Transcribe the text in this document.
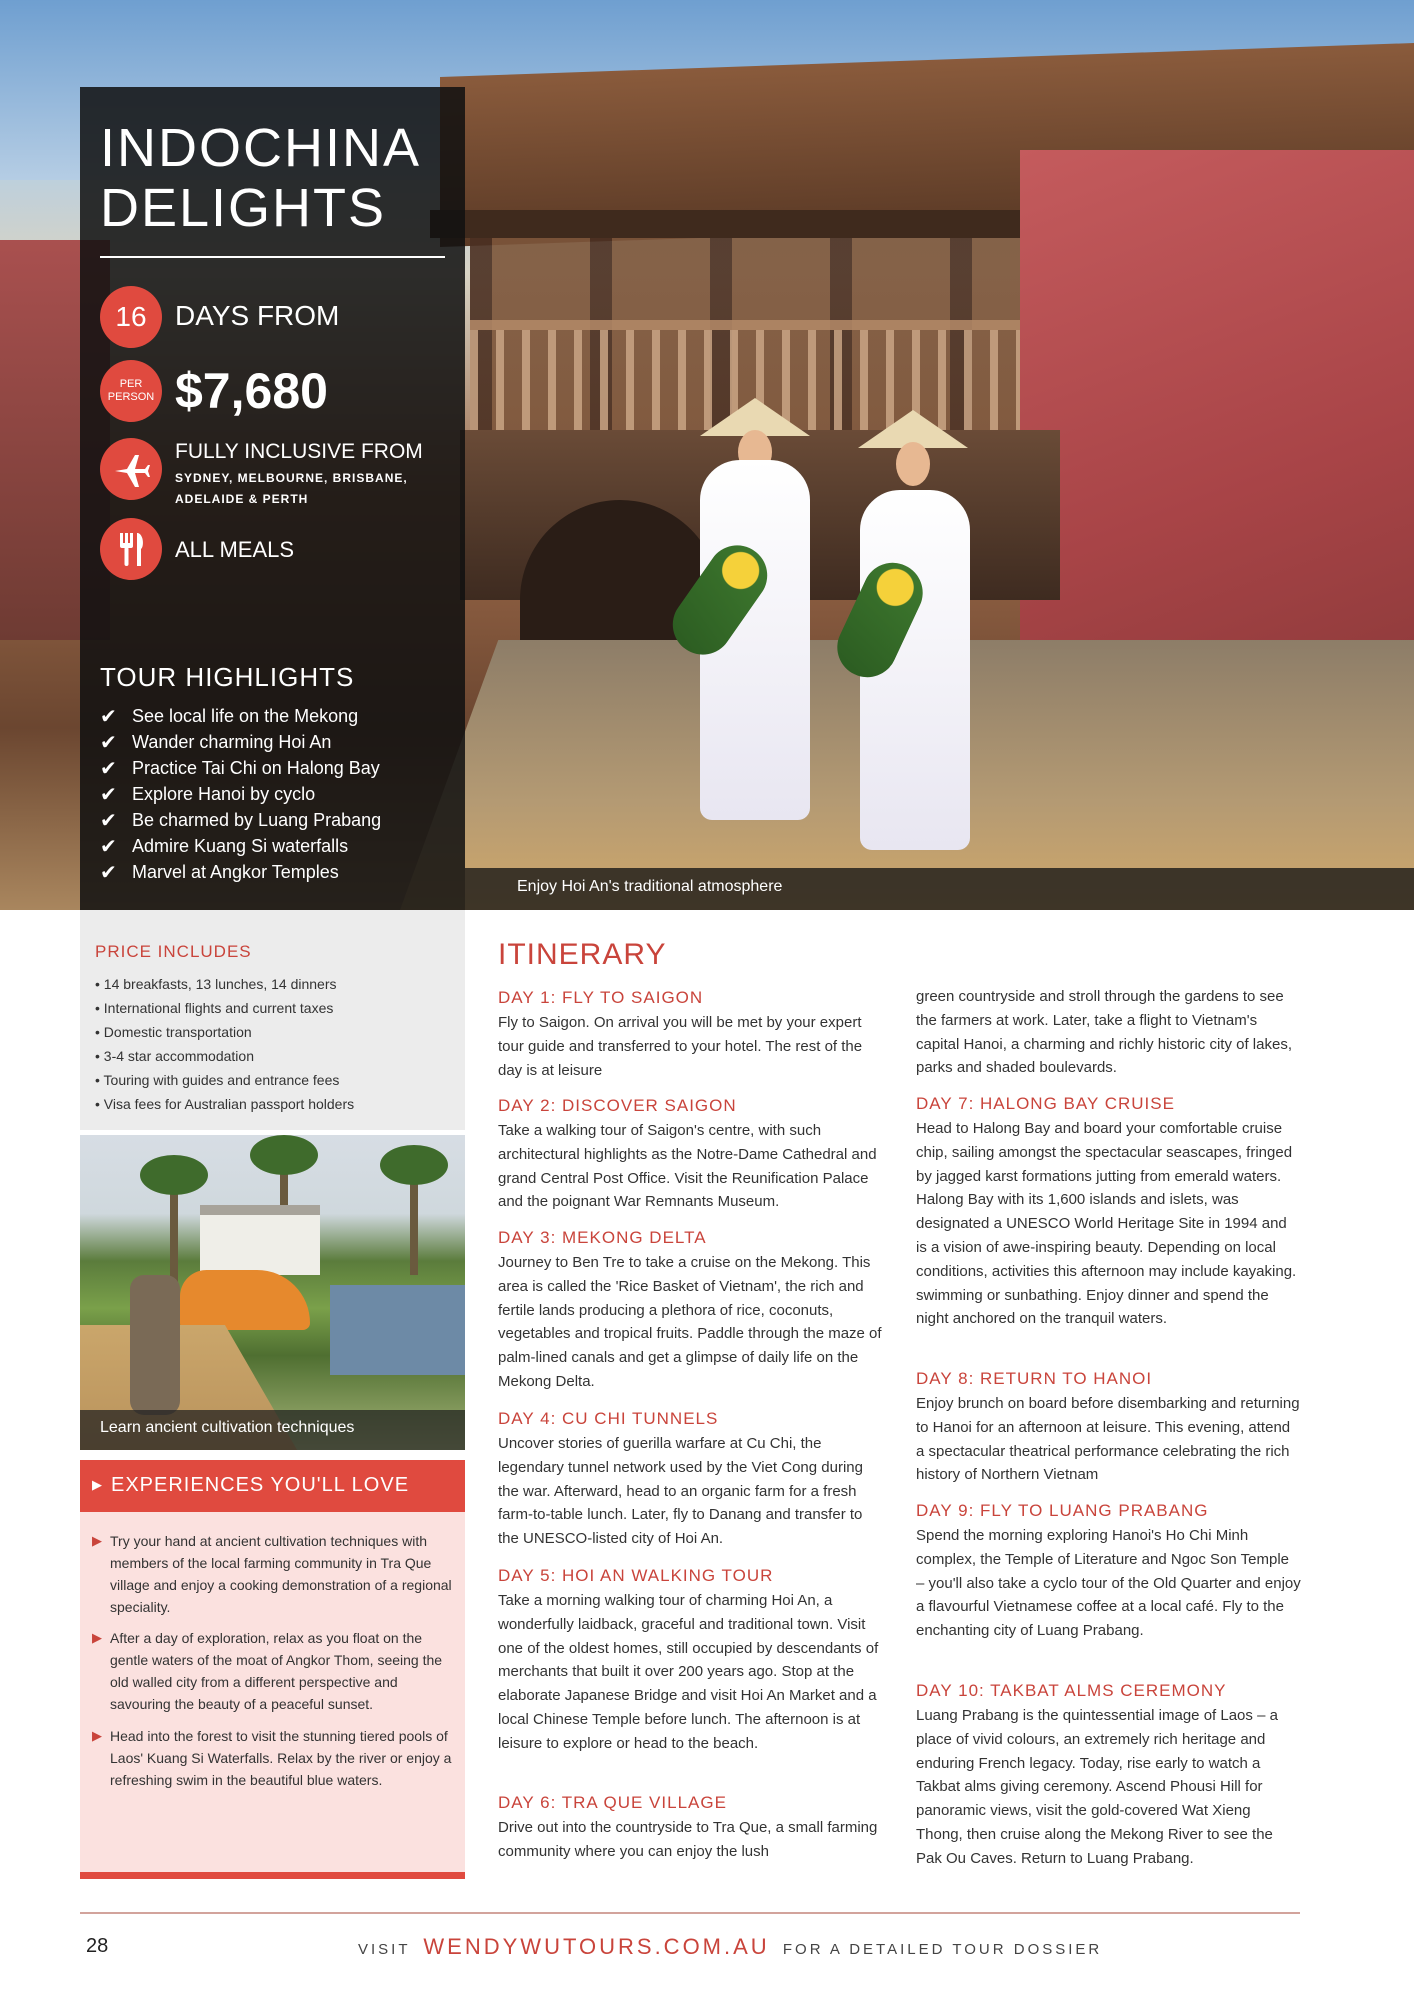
Enjoy Hoi An's traditional atmosphere
INDOCHINA
DELIGHTS
16	DAYS FROM
PER PERSON $7,680
FULLY INCLUSIVE FROM
SYDNEY, MELBOURNE, BRISBANE, ADELAIDE & PERTH
ALL MEALS
TOUR HIGHLIGHTS
✔ See local life on the Mekong
✔ Wander charming Hoi An
✔ Practice Tai Chi on Halong Bay
✔ Explore Hanoi by cyclo
✔ Be charmed by Luang Prabang
✔ Admire Kuang Si waterfalls
✔ Marvel at Angkor Temples
PRICE INCLUDES
• 14 breakfasts, 13 lunches, 14 dinners
• International flights and current taxes
• Domestic transportation
• 3-4 star accommodation
• Touring with guides and entrance fees
• Visa fees for Australian passport holders
Learn ancient cultivation techniques
▶ EXPERIENCES YOU'LL LOVE
▶ Try your hand at ancient cultivation techniques with members of the local farming community in Tra Que village and enjoy a cooking demonstration of a regional speciality.
▶ After a day of exploration, relax as you float on the gentle waters of the moat of Angkor Thom, seeing the old walled city from a different perspective and savouring the beauty of a peaceful sunset.
▶ Head into the forest to visit the stunning tiered pools of Laos' Kuang Si Waterfalls. Relax by the river or enjoy a refreshing swim in the beautiful blue waters.
ITINERARY
DAY 1: FLY TO SAIGON

Fly to Saigon. On arrival you will be met by your expert tour guide and transferred to your hotel. The rest of the day is at leisure

DAY 2: DISCOVER SAIGON

Take a walking tour of Saigon's centre, with such architectural highlights as the Notre-Dame Cathedral and grand Central Post Office. Visit the Reunification Palace and the poignant War Remnants Museum.

DAY 3: MEKONG DELTA

Journey to Ben Tre to take a cruise on the Mekong. This area is called the 'Rice Basket of Vietnam', the rich and fertile lands producing a plethora of rice, coconuts, vegetables and tropical fruits. Paddle through the maze of palm-lined canals and get a glimpse of daily life on the Mekong Delta.

DAY 4: CU CHI TUNNELS

Uncover stories of guerilla warfare at Cu Chi, the legendary tunnel network used by the Viet Cong during the war. Afterward, head to an organic farm for a fresh farm-to-table lunch. Later, fly to Danang and transfer to the UNESCO-listed city of Hoi An.

DAY 5: HOI AN WALKING TOUR

Take a morning walking tour of charming Hoi An, a wonderfully laidback, graceful and traditional town. Visit one of the oldest homes, still occupied by descendants of merchants that built it over 200 years ago. Stop at the elaborate Japanese Bridge and visit Hoi An Market and a local Chinese Temple before lunch. The afternoon is at leisure to explore or head to the beach.

DAY 6: TRA QUE VILLAGE

Drive out into the countryside to Tra Que, a small farming community where you can enjoy the lush

green countryside and stroll through the gardens to see the farmers at work. Later, take a flight to Vietnam's capital Hanoi, a charming and richly historic city of lakes, parks and shaded boulevards.
DAY 7: HALONG BAY CRUISE

Head to Halong Bay and board your comfortable cruise chip, sailing amongst the spectacular seascapes, fringed by jagged karst formations jutting from emerald waters. Halong Bay with its 1,600 islands and islets, was designated a UNESCO World Heritage Site in 1994 and is a vision of awe-inspiring beauty. Depending on local conditions, activities this afternoon may include kayaking. swimming or sunbathing. Enjoy dinner and spend the night anchored on the tranquil waters.

DAY 8: RETURN TO HANOI

Enjoy brunch on board before disembarking and returning to Hanoi for an afternoon at leisure. This evening, attend a spectacular theatrical performance celebrating the rich history of Northern Vietnam

DAY 9: FLY TO LUANG PRABANG

Spend the morning exploring Hanoi's Ho Chi Minh complex, the Temple of Literature and Ngoc Son Temple – you'll also take a cyclo tour of the Old Quarter and enjoy a flavourful Vietnamese coffee at a local café. Fly to the enchanting city of Luang Prabang.

DAY 10: TAKBAT ALMS CEREMONY

Luang Prabang is the quintessential image of Laos – a place of vivid colours, an extremely rich heritage and enduring French legacy. Today, rise early to watch a Takbat alms giving ceremony. Ascend Phousi Hill for panoramic views, visit the gold-covered Wat Xieng Thong, then cruise along the Mekong River to see the Pak Ou Caves. Return to Luang Prabang.

28	VISIT WENDYWUTOURS.COM.AU FOR A DETAILED TOUR DOSSIER
